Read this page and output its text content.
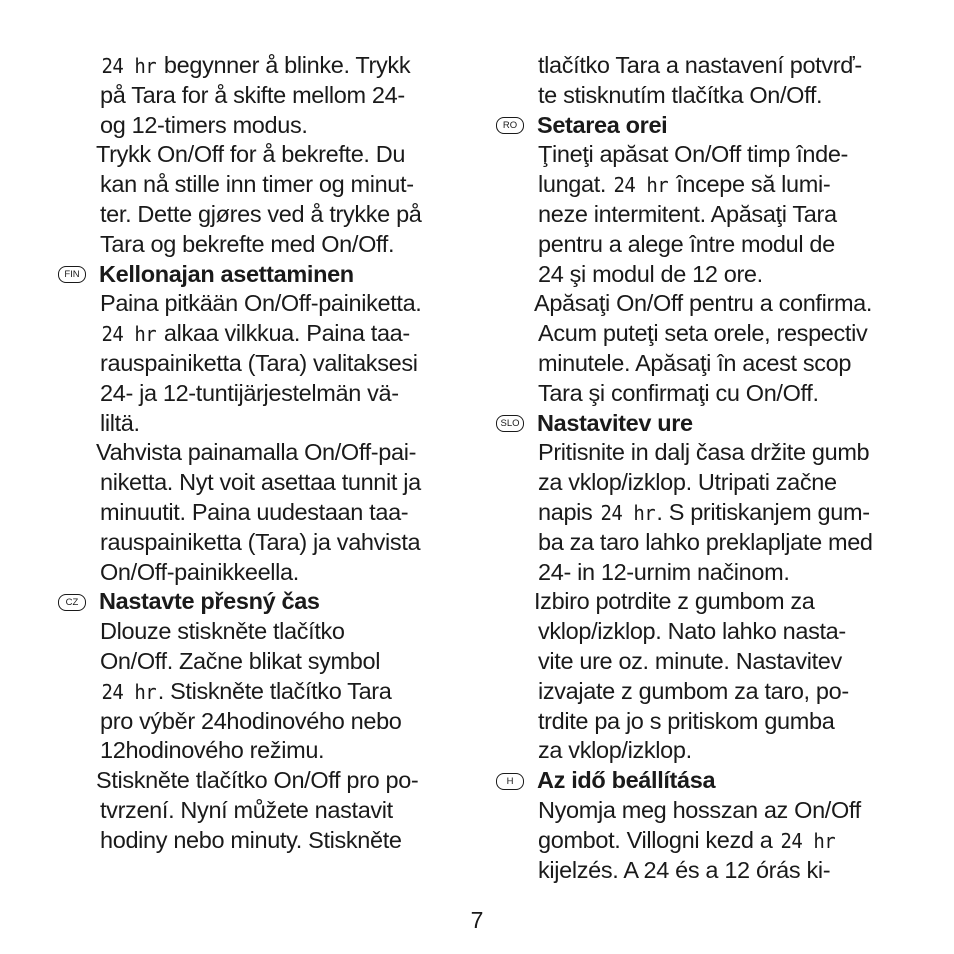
24 hr begynner å blinke. Trykk
på Tara for å skifte mellom 24-
og 12-timers modus.
Trykk On/Off for å bekrefte. Du
kan nå stille inn timer og minut-
ter. Dette gjøres ved å trykke på
Tara og bekrefte med On/Off.
FIN Kellonajan asettaminen
Paina pitkään On/Off-painiketta.
24 hr alkaa vilkkua. Paina taa-
rauspainiketta (Tara) valitaksesi
24- ja 12-tuntijärjestelmän vä-
liltä.
Vahvista painamalla On/Off-pai-
niketta. Nyt voit asettaa tunnit ja
minuutit. Paina uudestaan taa-
rauspainiketta (Tara) ja vahvista
On/Off-painikkeella.
CZ Nastavte přesný čas
Dlouze stiskněte tlačítko
On/Off. Začne blikat symbol
24 hr. Stiskněte tlačítko Tara
pro výběr 24hodinového nebo
12hodinového režimu.
Stiskněte tlačítko On/Off pro po-
tvrzení. Nyní můžete nastavit
hodiny nebo minuty. Stiskněte
tlačítko Tara a nastavení potvrď-
te stisknutím tlačítka On/Off.
RO Setarea orei
Ţineţi apăsat On/Off timp înde-
lungat. 24 hr începe să lumi-
neze intermitent. Apăsaţi Tara
pentru a alege între modul de
24 şi modul de 12 ore.
Apăsaţi On/Off pentru a confirma.
Acum puteţi seta orele, respectiv
minutele. Apăsaţi în acest scop
Tara şi confirmaţi cu On/Off.
SLO Nastavitev ure
Pritisnite in dalj časa držite gumb
za vklop/izklop. Utripati začne
napis 24 hr. S pritiskanjem gum-
ba za taro lahko preklapljate med
24- in 12-urnim načinom.
Izbiro potrdite z gumbom za
vklop/izklop. Nato lahko nasta-
vite ure oz. minute. Nastavitev
izvajate z gumbom za taro, po-
trdite pa jo s pritiskom gumba
za vklop/izklop.
H	Az idő beállítása
Nyomja meg hosszan az On/Off
gombot. Villogni kezd a 24 hr
kijelzés. A 24 és a 12 órás ki-
7
